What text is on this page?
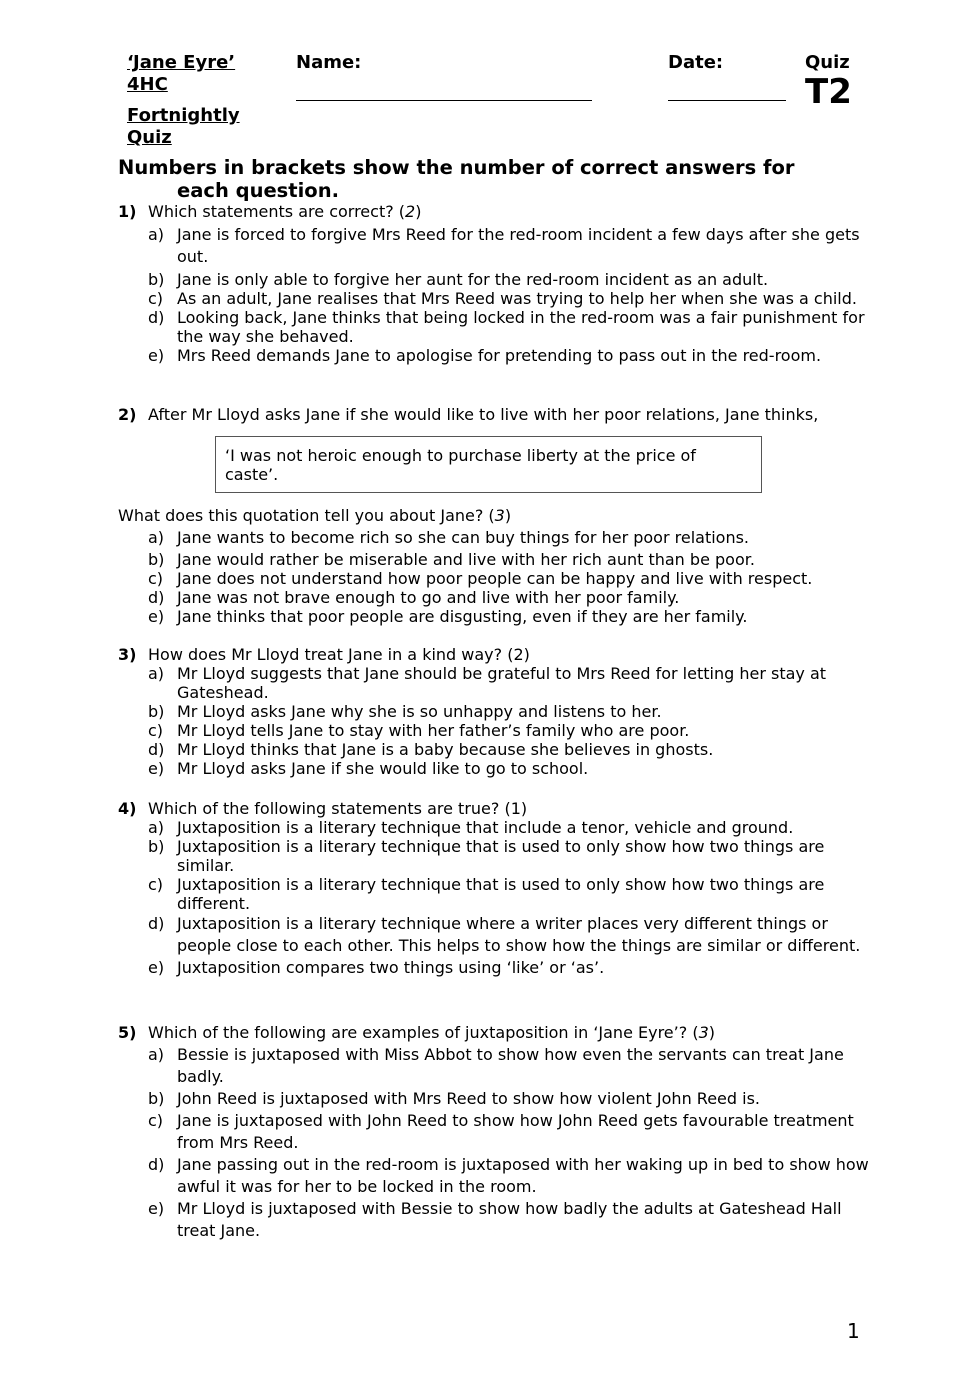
‘Jane Eyre’
4HC
Fortnightly
Quiz
Name:	Date:	Quiz
T2
Numbers in brackets show the number of correct answers for
each question.
1) Which statements are correct? (2)
a) Jane is forced to forgive Mrs Reed for the red-room incident a few days after she gets out.
b) Jane is only able to forgive her aunt for the red-room incident as an adult.
c) As an adult, Jane realises that Mrs Reed was trying to help her when she was a child.
d) Looking back, Jane thinks that being locked in the red-room was a fair punishment for the way she behaved.
e) Mrs Reed demands Jane to apologise for pretending to pass out in the red-room.
2) After Mr Lloyd asks Jane if she would like to live with her poor relations, Jane thinks,
‘I was not heroic enough to purchase liberty at the price of caste’.
What does this quotation tell you about Jane? (3)
a) Jane wants to become rich so she can buy things for her poor relations.
b) Jane would rather be miserable and live with her rich aunt than be poor.
c) Jane does not understand how poor people can be happy and live with respect.
d) Jane was not brave enough to go and live with her poor family.
e) Jane thinks that poor people are disgusting, even if they are her family.
3) How does Mr Lloyd treat Jane in a kind way? (2)
a) Mr Lloyd suggests that Jane should be grateful to Mrs Reed for letting her stay at Gateshead.
b) Mr Lloyd asks Jane why she is so unhappy and listens to her.
c) Mr Lloyd tells Jane to stay with her father’s family who are poor.
d) Mr Lloyd thinks that Jane is a baby because she believes in ghosts.
e) Mr Lloyd asks Jane if she would like to go to school.
4) Which of the following statements are true? (1)
a) Juxtaposition is a literary technique that include a tenor, vehicle and ground.
b) Juxtaposition is a literary technique that is used to only show how two things are similar.
c) Juxtaposition is a literary technique that is used to only show how two things are different.
d) Juxtaposition is a literary technique where a writer places very different things or people close to each other. This helps to show how the things are similar or different.
e) Juxtaposition compares two things using ‘like’ or ‘as’.
5) Which of the following are examples of juxtaposition in ‘Jane Eyre’? (3)
a) Bessie is juxtaposed with Miss Abbot to show how even the servants can treat Jane badly.
b) John Reed is juxtaposed with Mrs Reed to show how violent John Reed is.
c) Jane is juxtaposed with John Reed to show how John Reed gets favourable treatment from Mrs Reed.
d) Jane passing out in the red-room is juxtaposed with her waking up in bed to show how awful it was for her to be locked in the room.
e) Mr Lloyd is juxtaposed with Bessie to show how badly the adults at Gateshead Hall treat Jane.
1
